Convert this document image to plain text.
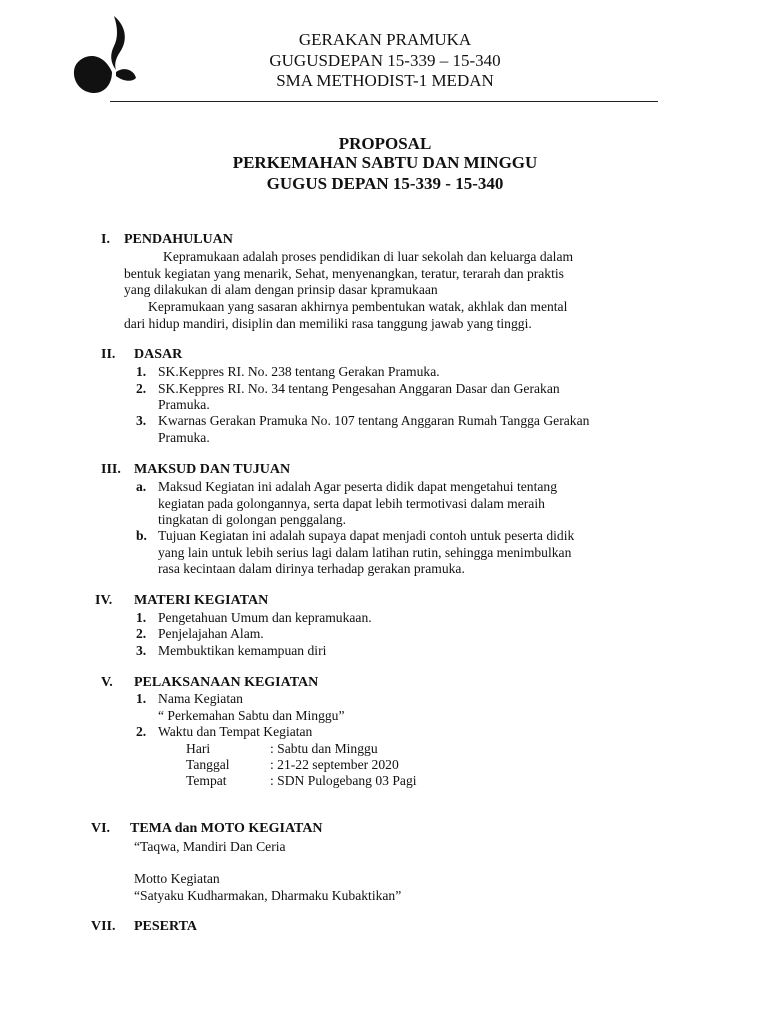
GERAKAN PRAMUKA
GUGUSDEPAN 15-339 – 15-340
SMA METHODIST-1 MEDAN
PROPOSAL
PERKEMAHAN SABTU DAN MINGGU
GUGUS DEPAN 15-339 - 15-340
I. PENDAHULUAN
Kepramukaan adalah proses pendidikan di luar sekolah dan keluarga dalam
bentuk kegiatan yang menarik, Sehat, menyenangkan, teratur, terarah dan praktis
yang dilakukan di alam dengan prinsip dasar kpramukaan
Kepramukaan yang sasaran akhirnya pembentukan watak, akhlak dan mental
dari hidup mandiri, disiplin dan memiliki rasa tanggung jawab yang tinggi.
II. DASAR
1. SK.Keppres RI. No. 238 tentang Gerakan Pramuka.
2. SK.Keppres RI. No. 34 tentang Pengesahan Anggaran Dasar dan Gerakan
Pramuka.
3. Kwarnas Gerakan Pramuka No. 107 tentang Anggaran Rumah Tangga Gerakan
Pramuka.
III. MAKSUD DAN TUJUAN
a. Maksud Kegiatan ini adalah Agar peserta didik dapat mengetahui tentang
kegiatan pada golongannya, serta dapat lebih termotivasi dalam meraih
tingkatan di golongan penggalang.
b. Tujuan Kegiatan ini adalah supaya dapat menjadi contoh untuk peserta didik
yang lain untuk lebih serius lagi dalam latihan rutin, sehingga menimbulkan
rasa kecintaan dalam dirinya terhadap gerakan pramuka.
IV. MATERI KEGIATAN
1. Pengetahuan Umum dan kepramukaan.
2. Penjelajahan Alam.
3. Membuktikan kemampuan diri
V. PELAKSANAAN KEGIATAN
1. Nama Kegiatan
“ Perkemahan Sabtu dan Minggu”
2. Waktu dan Tempat Kegiatan
Hari	: Sabtu dan Minggu
Tanggal	: 21-22 september 2020
Tempat	: SDN Pulogebang 03 Pagi
VI. TEMA dan MOTO KEGIATAN
“Taqwa, Mandiri Dan Ceria
Motto Kegiatan
“Satyaku Kudharmakan, Dharmaku Kubaktikan”
VII. PESERTA
